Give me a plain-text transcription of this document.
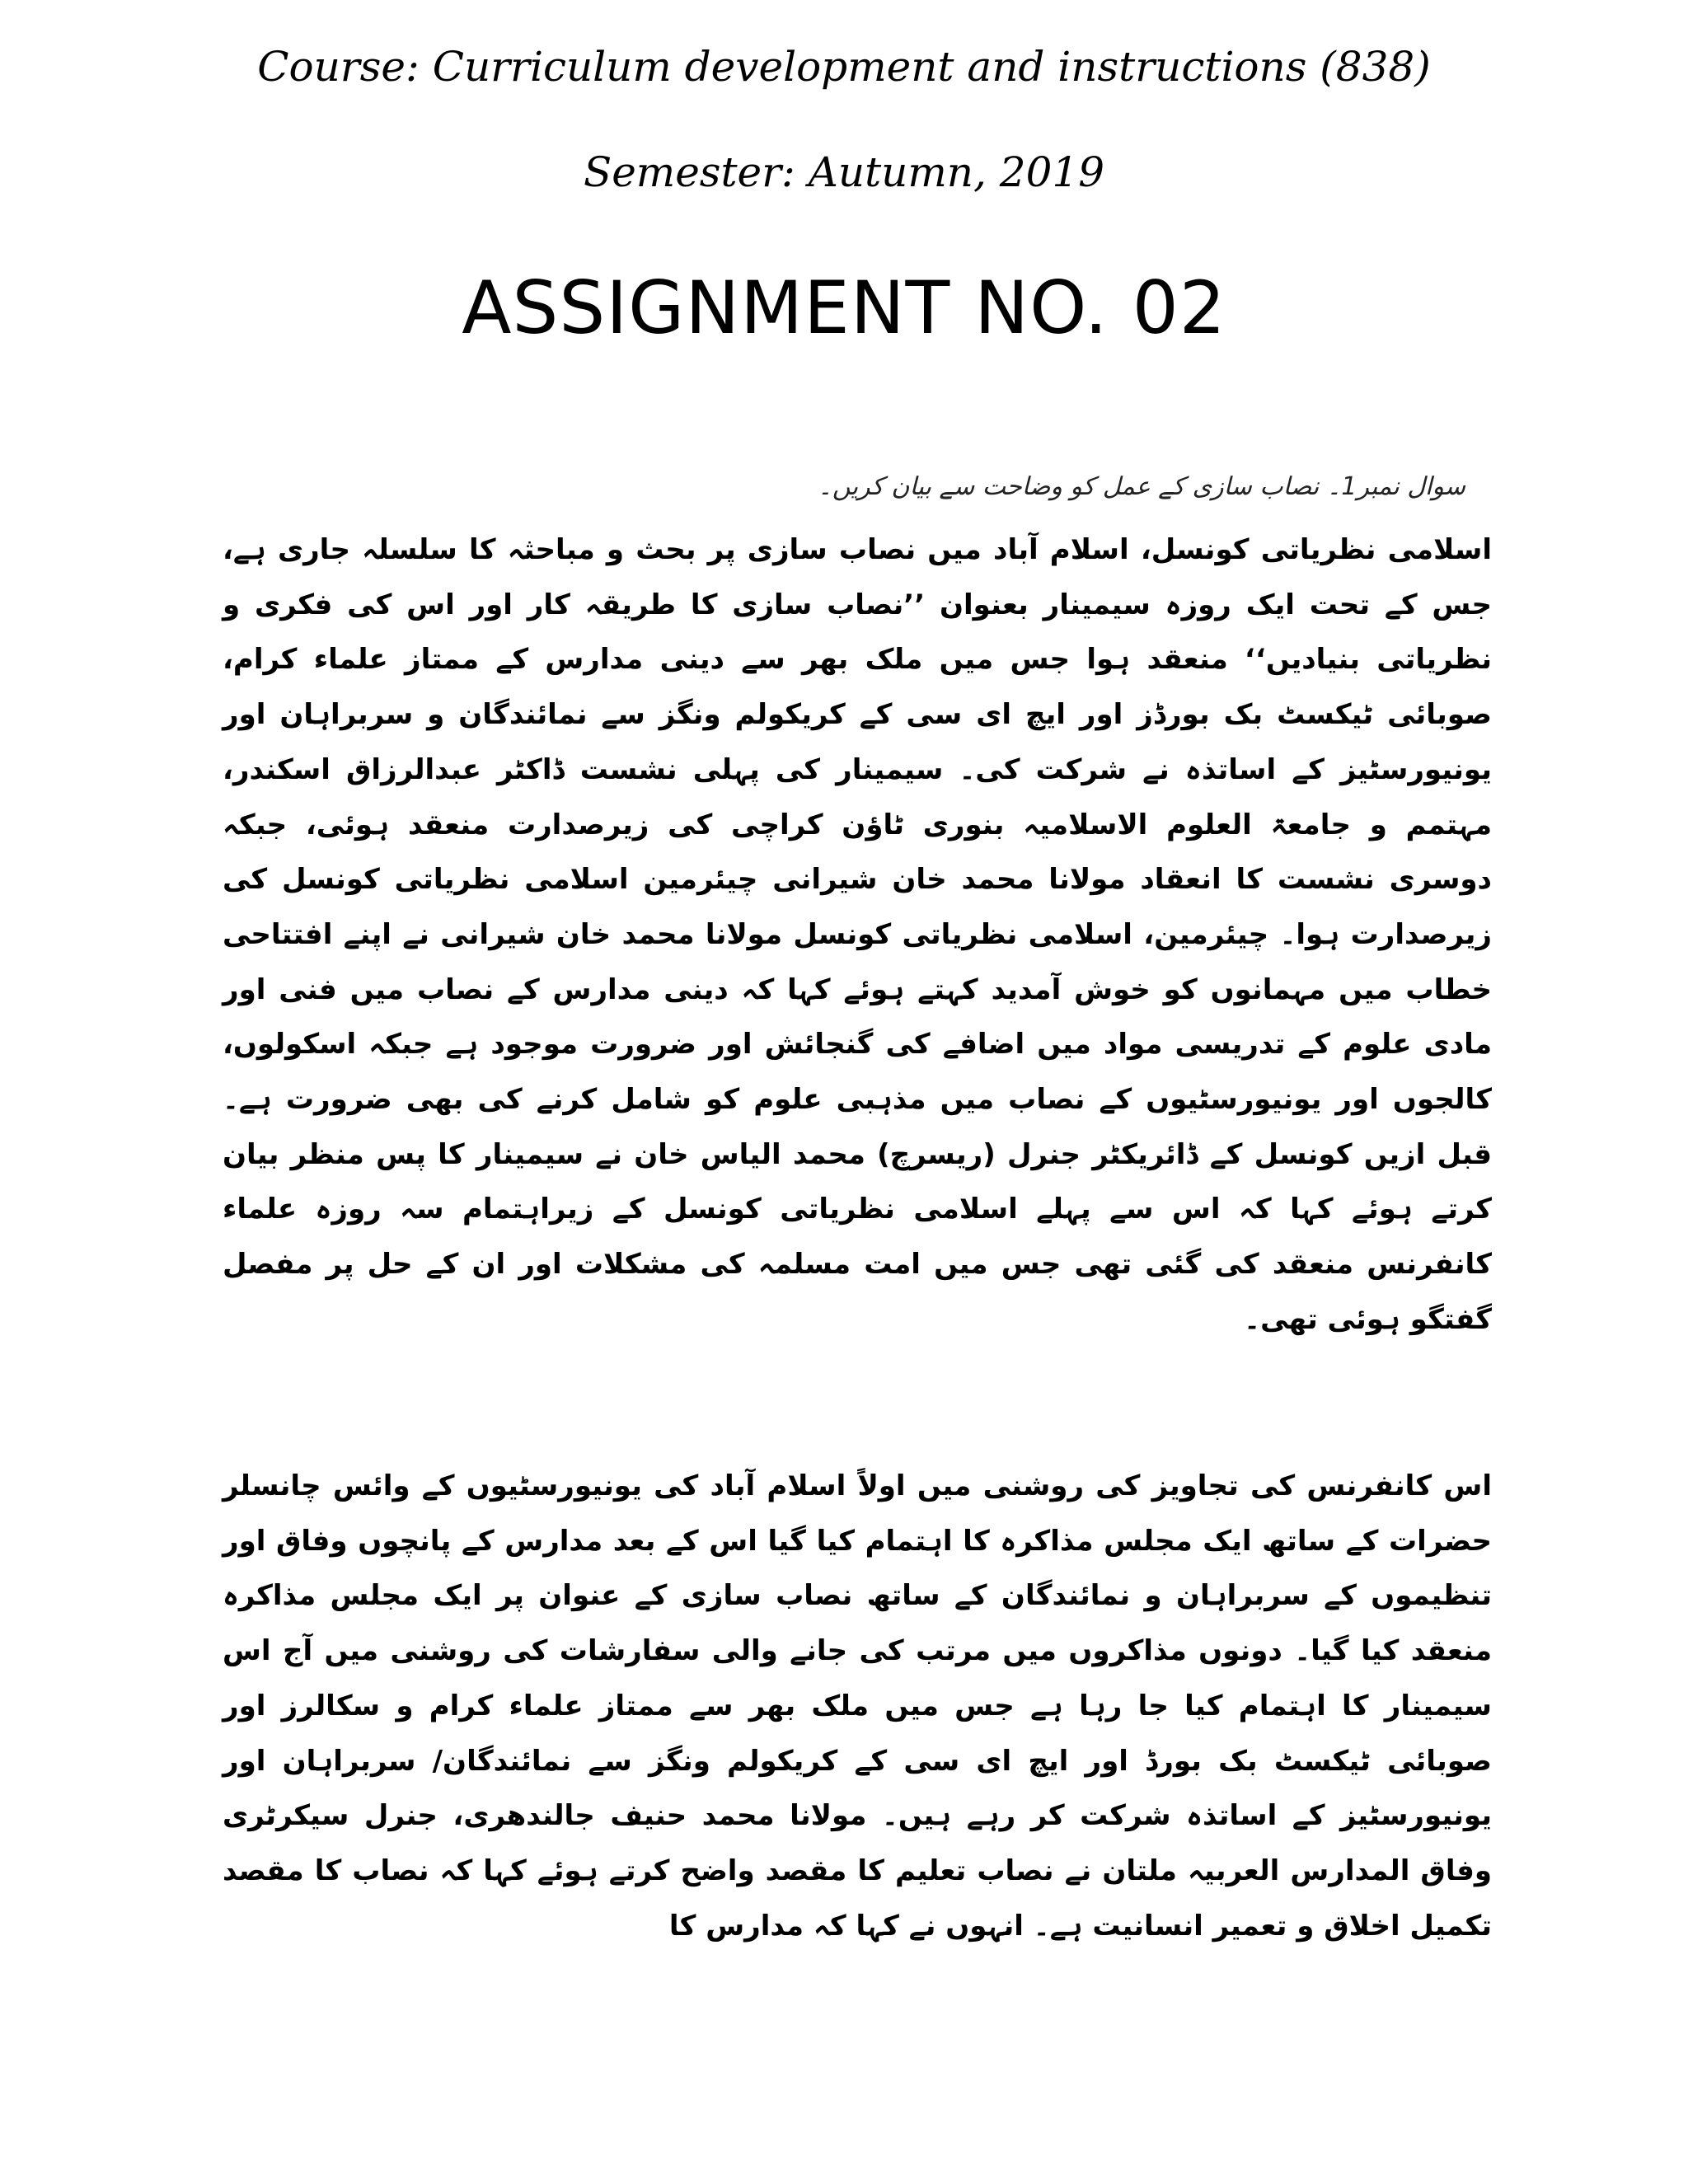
Course: Curriculum development and instructions (838)
Semester: Autumn, 2019
ASSIGNMENT NO. 02
سوال نمبر1۔ نصاب سازی کے عمل کو وضاحت سے بیان کریں۔
اسلامی نظریاتی کونسل، اسلام آباد میں نصاب سازی پر بحث و مباحثہ کا سلسلہ جاری ہے، جس کے تحت ایک روزہ سیمینار بعنوان ’’نصاب سازی کا طریقہ کار اور اس کی فکری و نظریاتی بنیادیں‘‘ منعقد ہوا جس میں ملک بھر سے دینی مدارس کے ممتاز علماء کرام، صوبائی ٹیکسٹ بک بورڈز اور ایچ ای سی کے کریکولم ونگز سے نمائندگان و سربراہان اور یونیورسٹیز کے اساتذہ نے شرکت کی۔ سیمینار کی پہلی نشست ڈاکٹر عبدالرزاق اسکندر، مہتمم و جامعۃ العلوم الاسلامیہ بنوری ٹاؤن کراچی کی زیرصدارت منعقد ہوئی، جبکہ دوسری نشست کا انعقاد مولانا محمد خان شیرانی چیئرمین اسلامی نظریاتی کونسل کی زیرصدارت ہوا۔ چیئرمین، اسلامی نظریاتی کونسل مولانا محمد خان شیرانی نے اپنے افتتاحی خطاب میں مہمانوں کو خوش آمدید کہتے ہوئے کہا کہ دینی مدارس کے نصاب میں فنی اور مادی علوم کے تدریسی مواد میں اضافے کی گنجائش اور ضرورت موجود ہے جبکہ اسکولوں، کالجوں اور یونیورسٹیوں کے نصاب میں مذہبی علوم کو شامل کرنے کی بھی ضرورت ہے۔ قبل ازیں کونسل کے ڈائریکٹر جنرل (ریسرچ) محمد الیاس خان نے سیمینار کا پس منظر بیان کرتے ہوئے کہا کہ اس سے پہلے اسلامی نظریاتی کونسل کے زیراہتمام سہ روزہ علماء کانفرنس منعقد کی گئی تھی جس میں امت مسلمہ کی مشکلات اور ان کے حل پر مفصل گفتگو ہوئی تھی۔
اس کانفرنس کی تجاویز کی روشنی میں اولاً اسلام آباد کی یونیورسٹیوں کے وائس چانسلر حضرات کے ساتھ ایک مجلس مذاکرہ کا اہتمام کیا گیا اس کے بعد مدارس کے پانچوں وفاق اور تنظیموں کے سربراہان و نمائندگان کے ساتھ نصاب سازی کے عنوان پر ایک مجلس مذاکرہ منعقد کیا گیا۔ دونوں مذاکروں میں مرتب کی جانے والی سفارشات کی روشنی میں آج اس سیمینار کا اہتمام کیا جا رہا ہے جس میں ملک بھر سے ممتاز علماء کرام و سکالرز اور صوبائی ٹیکسٹ بک بورڈ اور ایچ ای سی کے کریکولم ونگز سے نمائندگان/ سربراہان اور یونیورسٹیز کے اساتذہ شرکت کر رہے ہیں۔ مولانا محمد حنیف جالندھری، جنرل سیکرٹری وفاق المدارس العربیہ ملتان نے نصاب تعلیم کا مقصد واضح کرتے ہوئے کہا کہ نصاب کا مقصد تکمیل اخلاق و تعمیر انسانیت ہے۔ انہوں نے کہا کہ مدارس کا
